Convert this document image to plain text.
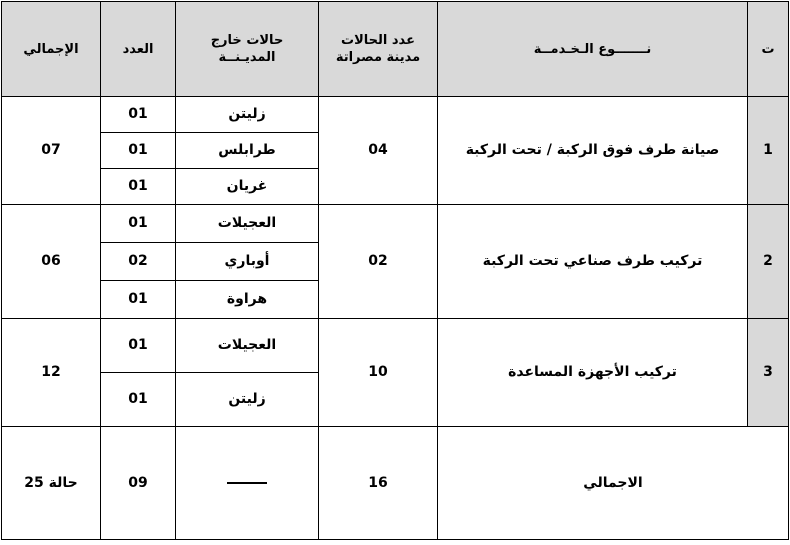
الإجمالي	العدد	حالات خارج المديـنــة	عدد الحالات مدينة مصراتة	نـــــــوع الـخـدمــة	ت
07	01	زليتن	04	صيانة طرف فوق الركبة / تحت الركبة	1
	01	طرابلس			
	01	غريان			
06	01	العجيلات	02	تركيب طرف صناعي تحت الركبة	2
	02	أوباري			
	01	هراوة			
12	01	العجيلات	10	تركيب الأجهزة المساعدة	3
	01	زليتن			
25 حالة	09		16	الاجمالي	
